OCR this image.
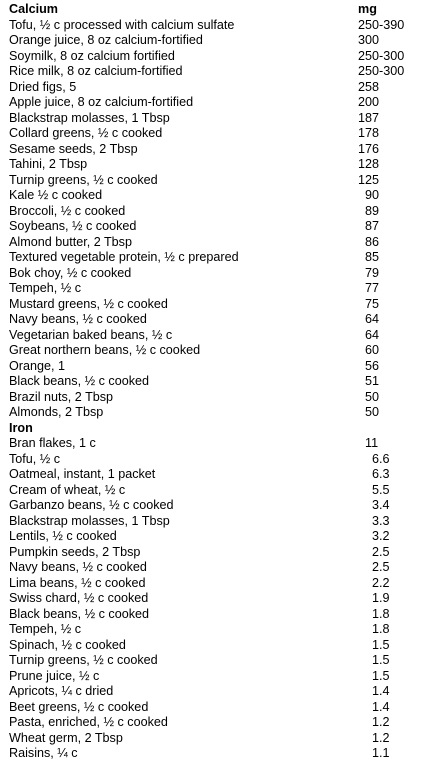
Calcium	mg
Tofu, ½ c processed with calcium sulfate	250-390
Orange juice, 8 oz calcium-fortified	300
Soymilk, 8 oz calcium fortified	250-300
Rice milk, 8 oz calcium-fortified	250-300
Dried figs, 5	258
Apple juice, 8 oz calcium-fortified	200
Blackstrap molasses, 1 Tbsp	187
Collard greens, ½ c cooked	178
Sesame seeds, 2 Tbsp	176
Tahini, 2 Tbsp	128
Turnip greens, ½ c cooked	125
Kale ½ c cooked	90
Broccoli, ½ c cooked	89
Soybeans, ½ c cooked	87
Almond butter, 2 Tbsp	86
Textured vegetable protein, ½ c prepared	85
Bok choy, ½ c cooked	79
Tempeh, ½ c	77
Mustard greens, ½ c cooked	75
Navy beans, ½ c cooked	64
Vegetarian baked beans, ½ c	64
Great northern beans, ½ c cooked	60
Orange, 1	56
Black beans, ½ c cooked	51
Brazil nuts, 2 Tbsp	50
Almonds, 2 Tbsp	50
Iron
Bran flakes, 1 c	11
Tofu, ½ c	6.6
Oatmeal, instant, 1 packet	6.3
Cream of wheat, ½ c	5.5
Garbanzo beans, ½ c cooked	3.4
Blackstrap molasses, 1 Tbsp	3.3
Lentils, ½ c cooked	3.2
Pumpkin seeds, 2 Tbsp	2.5
Navy beans, ½ c cooked	2.5
Lima beans, ½ c cooked	2.2
Swiss chard, ½ c cooked	1.9
Black beans, ½ c cooked	1.8
Tempeh, ½ c	1.8
Spinach, ½ c cooked	1.5
Turnip greens, ½ c cooked	1.5
Prune juice, ½ c	1.5
Apricots, ¼ c dried	1.4
Beet greens, ½ c cooked	1.4
Pasta, enriched, ½ c cooked	1.2
Wheat germ, 2 Tbsp	1.2
Raisins, ¼ c	1.1
